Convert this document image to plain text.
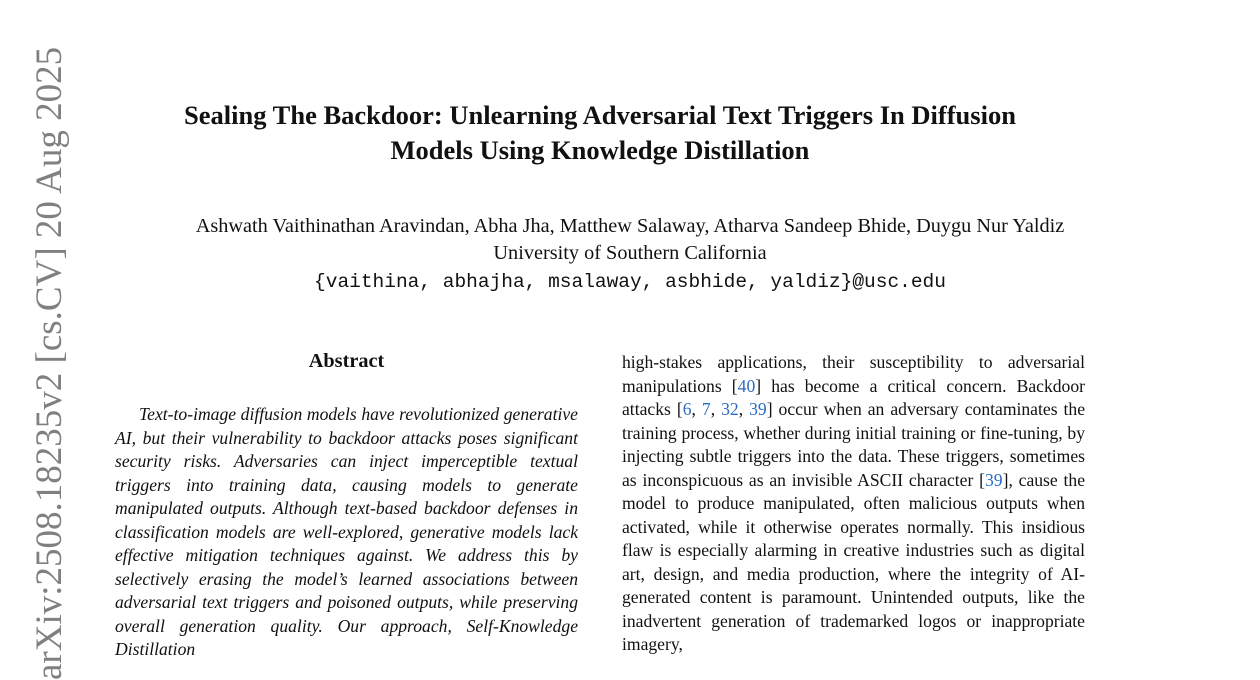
Sealing The Backdoor: Unlearning Adversarial Text Triggers In Diffusion
Models Using Knowledge Distillation
Ashwath Vaithinathan Aravindan, Abha Jha, Matthew Salaway, Atharva Sandeep Bhide, Duygu Nur Yaldiz
University of Southern California
{vaithina, abhajha, msalaway, asbhide, yaldiz}@usc.edu
arXiv:2508.18235v2 [cs.CV] 20 Aug 2025	Abstract

Text-to-image diffusion models have revolutionized generative AI, but their vulnerability to backdoor attacks poses significant security risks. Adversaries can inject imperceptible textual triggers into training data, causing models to generate manipulated outputs. Although text-based backdoor defenses in classification models are well-explored, generative models lack effective mitigation techniques against. We address this by selectively erasing the model’s learned associations between adversarial text triggers and poisoned outputs, while preserving overall generation quality. Our approach, Self-Knowledge Distillation

high-stakes applications, their susceptibility to adversarial manipulations [40] has become a critical concern. Backdoor attacks [6, 7, 32, 39] occur when an adversary contaminates the training process, whether during initial training or fine-tuning, by injecting subtle triggers into the data. These triggers, sometimes as inconspicuous as an invisible ASCII character [39], cause the model to produce manipulated, often malicious outputs when activated, while it otherwise operates normally. This insidious flaw is especially alarming in creative industries such as digital art, design, and media production, where the integrity of AI-generated content is paramount. Unintended outputs, like the inadvertent generation of trademarked logos or inappropriate imagery,
